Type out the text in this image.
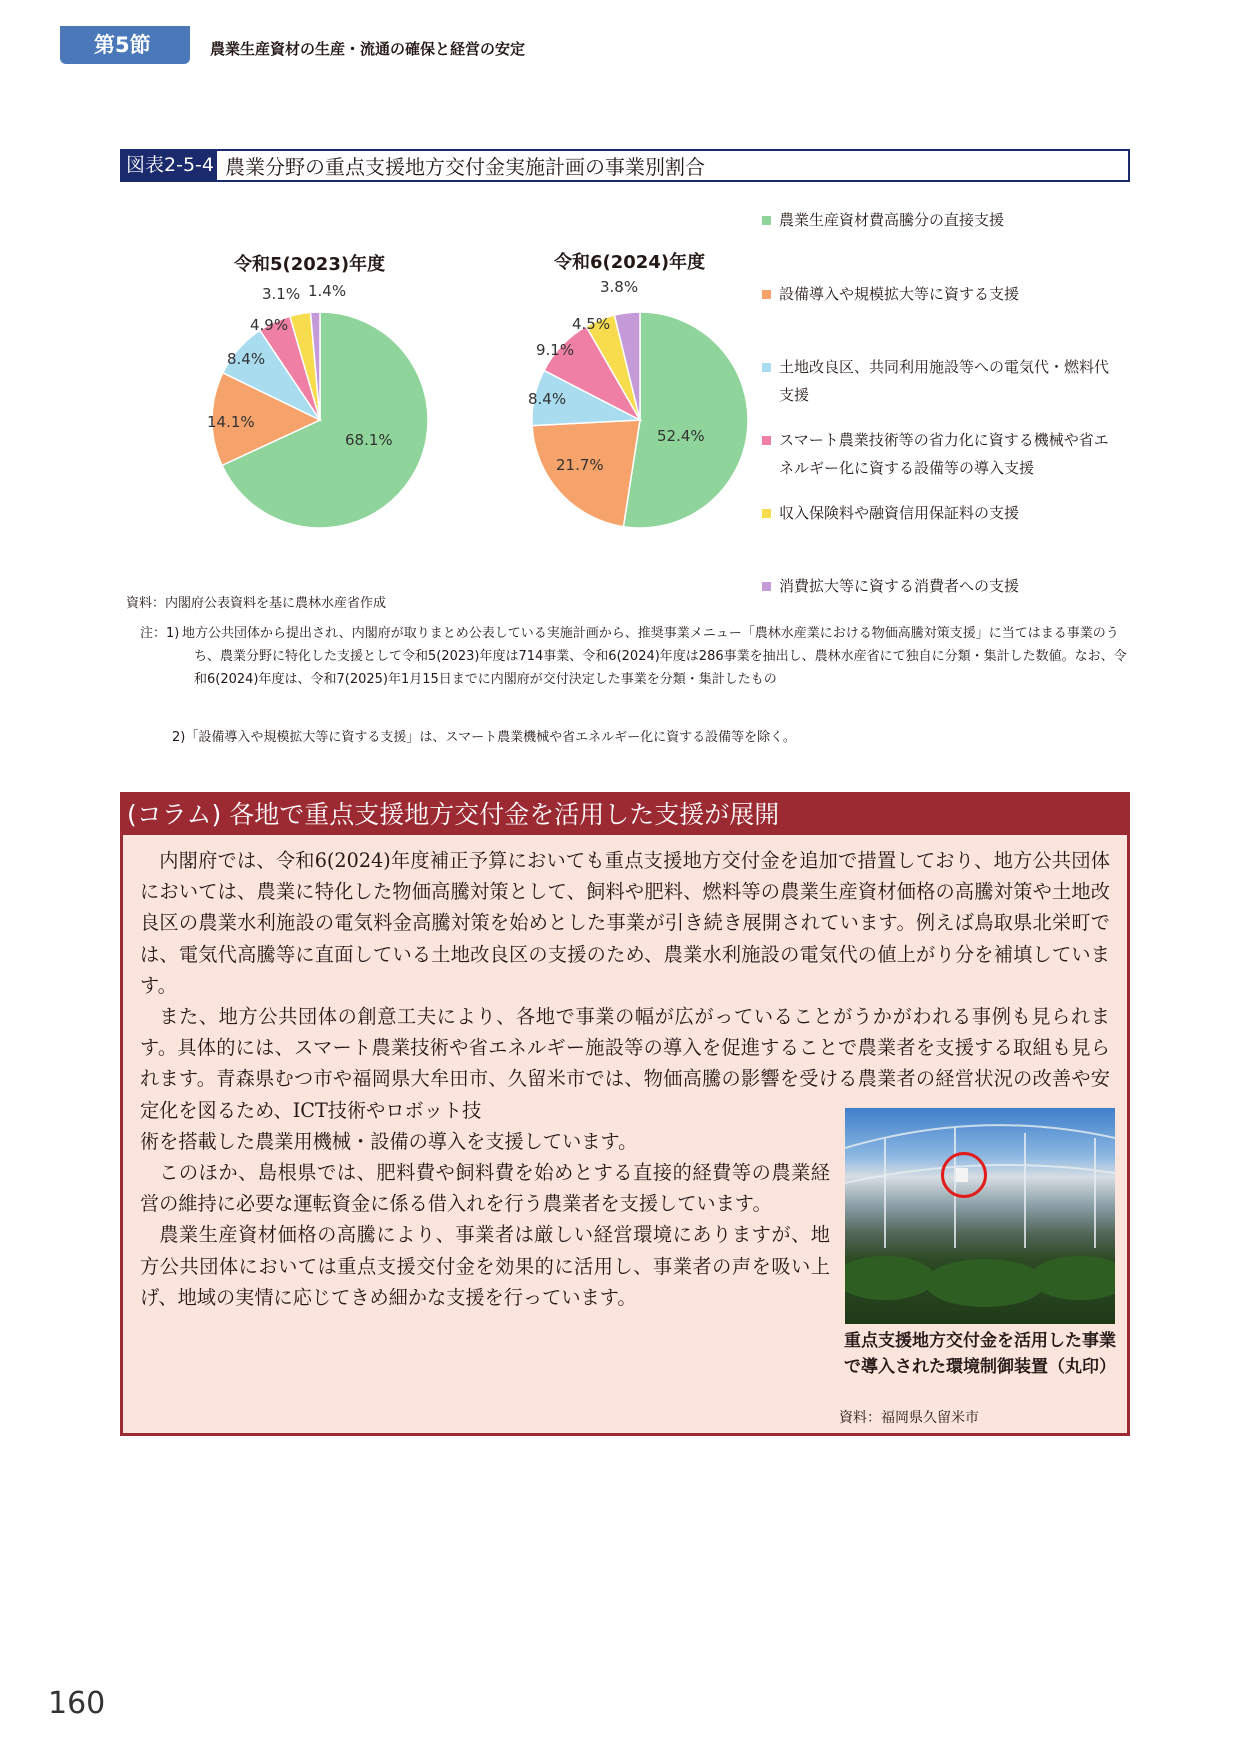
第5節	農業生産資材の生産・流通の確保と経営の安定
図表2-5-4 農業分野の重点支援地方交付金実施計画の事業別割合
令和5(2023)年度	令和6(2024)年度
68.1%
14.1%
8.4%
4.9%
3.1% 1.4%
52.4%
21.7%
8.4%
9.1%
4.5%
3.8%
農業生産資材費高騰分の直接支援
設備導入や規模拡大等に資する支援
土地改良区、共同利用施設等への電気代・燃料代支援
スマート農業技術等の省力化に資する機械や省エネルギー化に資する設備等の導入支援
収入保険料や融資信用保証料の支援
消費拡大等に資する消費者への支援
資料：内閣府公表資料を基に農林水産省作成
注：1) 地方公共団体から提出され、内閣府が取りまとめ公表している実施計画から、推奨事業メニュー「農林水産業における物価高騰対策支援」に当てはまる事業のうち、農業分野に特化した支援として令和5(2023)年度は714事業、令和6(2024)年度は286事業を抽出し、農林水産省にて独自に分類・集計した数値。なお、令和6(2024)年度は、令和7(2025)年1月15日までに内閣府が交付決定した事業を分類・集計したもの
2)「設備導入や規模拡大等に資する支援」は、スマート農業機械や省エネルギー化に資する設備等を除く。
(コラム) 各地で重点支援地方交付金を活用した支援が展開

内閣府では、令和6(2024)年度補正予算においても重点支援地方交付金を追加で措置しており、地方公共団体においては、農業に特化した物価高騰対策として、飼料や肥料、燃料等の農業生産資材価格の高騰対策や土地改良区の農業水利施設の電気料金高騰対策を始めとした事業が引き続き展開されています。例えば鳥取県北栄町では、電気代高騰等に直面している土地改良区の支援のため、農業水利施設の電気代の値上がり分を補填しています。

また、地方公共団体の創意工夫により、各地で事業の幅が広がっていることがうかがわれる事例も見られます。具体的には、スマート農業技術や省エネルギー施設等の導入を促進することで農業者を支援する取組も見られます。青森県むつ市や福岡県大牟田市、久留米市では、物価高騰の影響を受ける農業者の経営状況の改善や安定化を図るため、ICT技術やロボット技

術を搭載した農業用機械・設備の導入を支援しています。

このほか、島根県では、肥料費や飼料費を始めとする直接的経費等の農業経営の維持に必要な運転資金に係る借入れを行う農業者を支援しています。

農業生産資材価格の高騰により、事業者は厳しい経営環境にありますが、地方公共団体においては重点支援交付金を効果的に活用し、事業者の声を吸い上げ、地域の実情に応じてきめ細かな支援を行っています。

重点支援地方交付金を活用した事業で導入された環境制御装置（丸印）
資料：福岡県久留米市
160
